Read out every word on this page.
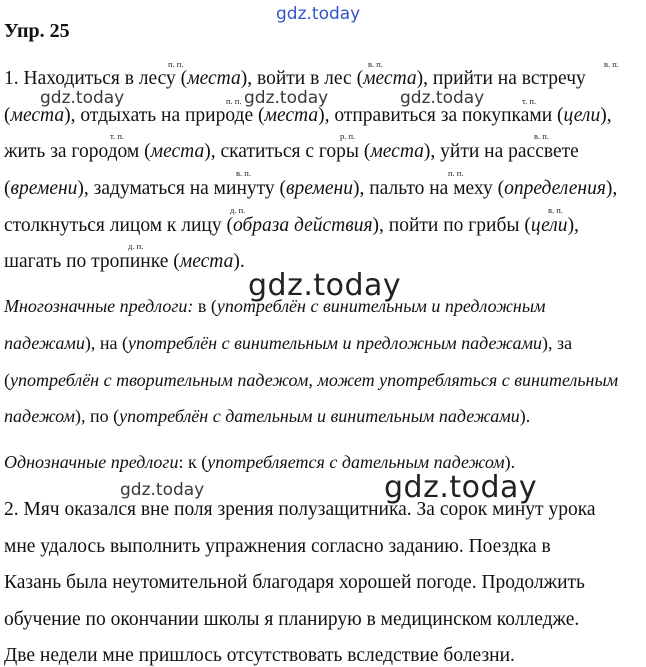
gdz.today
gdz.today	gdz.today	gdz.today
gdz.today
gdz.today	gdz.today
Упр. 25
п. п.	в. п.	в. п.
п. п.	т. п.
т. п.	р. п.	в. п.
в. п.	п. п.
д. п.	в. п.
д. п.
1. Находиться в лесу (места), войти в лес (места), прийти на встречу
(места), отдыхать на природе (места), отправиться за покупками (цели),
жить за городом (места), скатиться с горы (места), уйти на рассвете
(времени), задуматься на минуту (времени), пальто на меху (определения),
столкнуться лицом к лицу (образа действия), пойти по грибы (цели),
шагать по тропинке (места).
Многозначные предлоги: в (употреблён с винительным и предложным
падежами), на (употреблён с винительным и предложным падежами), за
(употреблён с творительным падежом, может употребляться с винительным
падежом), по (употреблён с дательным и винительным падежами).
Однозначные предлоги: к (употребляется с дательным падежом).
2. Мяч оказался вне поля зрения полузащитника. За сорок минут урока
мне удалось выполнить упражнения согласно заданию. Поездка в
Казань была неутомительной благодаря хорошей погоде. Продолжить
обучение по окончании школы я планирую в медицинском колледже.
Две недели мне пришлось отсутствовать вследствие болезни.
